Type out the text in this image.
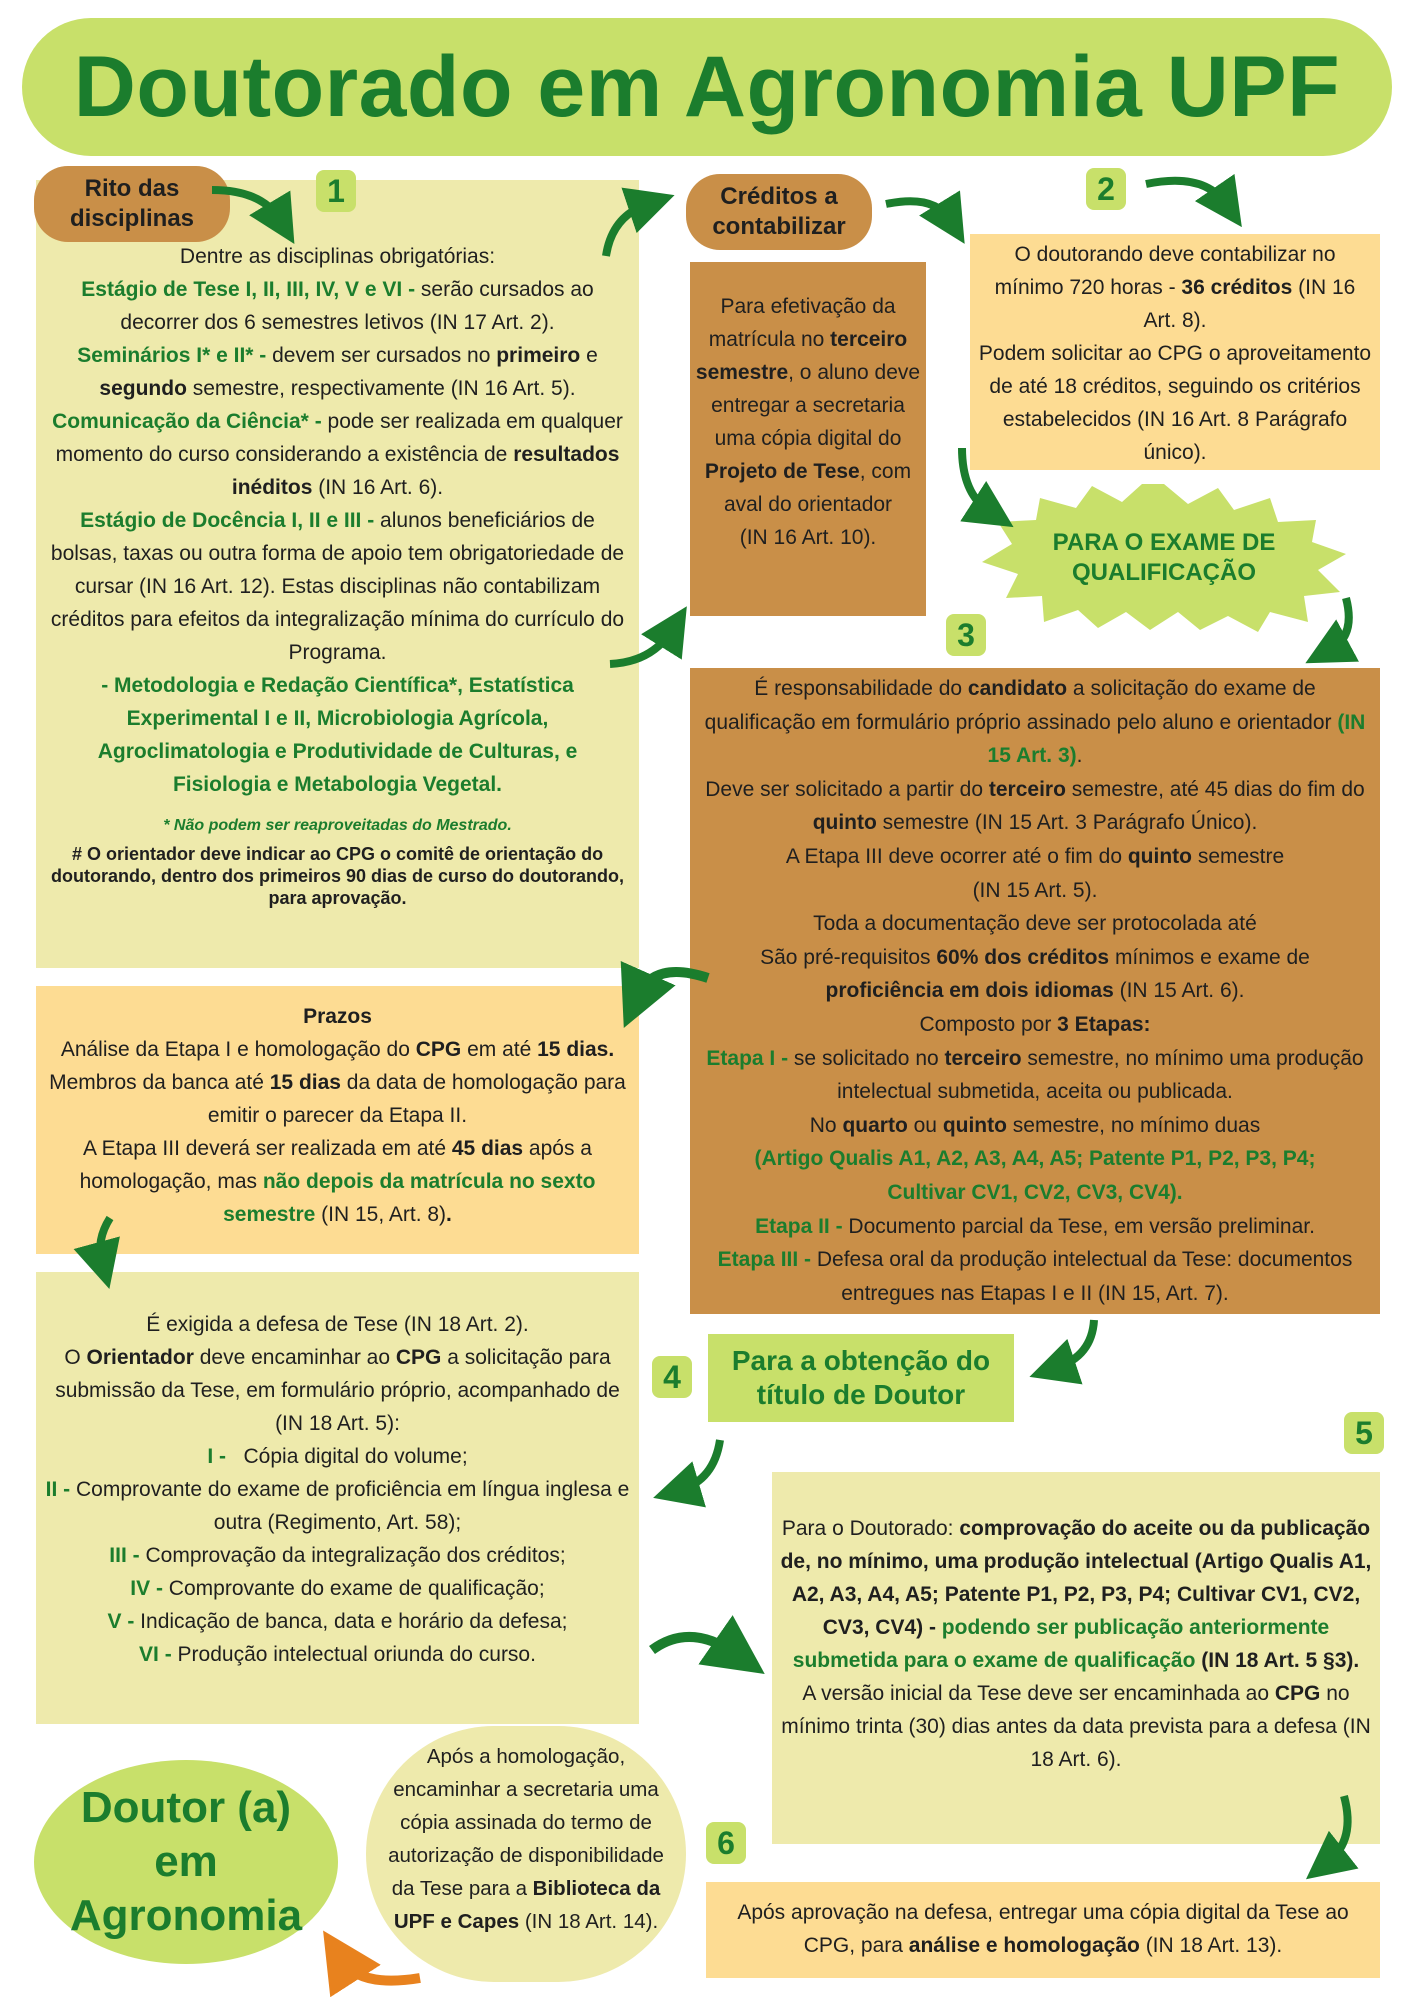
Doutorado em Agronomia UPF

Dentre as disciplinas obrigatórias:

Estágio de Tese I, II, III, IV, V e VI - serão cursados ao decorrer dos 6 semestres letivos (IN 17 Art. 2).

Seminários I* e II* - devem ser cursados no primeiro e segundo semestre, respectivamente (IN 16 Art. 5).

Comunicação da Ciência* - pode ser realizada em qualquer momento do curso considerando a existência de resultados inéditos (IN 16 Art. 6).

Estágio de Docência I, II e III - alunos beneficiários de bolsas, taxas ou outra forma de apoio tem obrigatoriedade de cursar (IN 16 Art. 12). Estas disciplinas não contabilizam créditos para efeitos da integralização mínima do currículo do Programa.

- Metodologia e Redação Científica*, Estatística Experimental I e II, Microbiologia Agrícola, Agroclimatologia e Produtividade de Culturas, e Fisiologia e Metabologia Vegetal.

* Não podem ser reaproveitadas do Mestrado.

# O orientador deve indicar ao CPG o comitê de orientação do doutorando, dentro dos primeiros 90 dias de curso do doutorando, para aprovação.

Rito das
disciplinas
1	Créditos a
contabilizar
2

O doutorando deve contabilizar no mínimo 720 horas - 36 créditos (IN 16 Art. 8).

Podem solicitar ao CPG o aproveitamento de até 18 créditos, seguindo os critérios estabelecidos (IN 16 Art. 8 Parágrafo único).

Para efetivação da matrícula no terceiro semestre, o aluno deve entregar a secretaria uma cópia digital do Projeto de Tese, com aval do orientador

(IN 16 Art. 10).	PARA O EXAME DE
QUALIFICAÇÃO
3

É responsabilidade do candidato a solicitação do exame de qualificação em formulário próprio assinado pelo aluno e orientador (IN 15 Art. 3).

Deve ser solicitado a partir do terceiro semestre, até 45 dias do fim do quinto semestre (IN 15 Art. 3 Parágrafo Único).

A Etapa III deve ocorrer até o fim do quinto semestre

(IN 15 Art. 5).

Toda a documentação deve ser protocolada até

São pré-requisitos 60% dos créditos mínimos e exame de proficiência em dois idiomas (IN 15 Art. 6).

Composto por 3 Etapas:

Etapa I - se solicitado no terceiro semestre, no mínimo uma produção intelectual submetida, aceita ou publicada.

No quarto ou quinto semestre, no mínimo duas

(Artigo Qualis A1, A2, A3, A4, A5; Patente P1, P2, P3, P4; Cultivar CV1, CV2, CV3, CV4).

Etapa II - Documento parcial da Tese, em versão preliminar.

Etapa III - Defesa oral da produção intelectual da Tese: documentos entregues nas Etapas I e II (IN 15, Art. 7).

Prazos

Análise da Etapa I e homologação do CPG em até 15 dias. Membros da banca até 15 dias da data de homologação para emitir o parecer da Etapa II.

A Etapa III deverá ser realizada em até 45 dias após a homologação, mas não depois da matrícula no sexto semestre (IN 15, Art. 8).

Para a obtenção do
título de Doutor
4
5

É exigida a defesa de Tese (IN 18 Art. 2).

O Orientador deve encaminhar ao CPG a solicitação para submissão da Tese, em formulário próprio, acompanhado de (IN 18 Art. 5):

I -   Cópia digital do volume;

II - Comprovante do exame de proficiência em língua inglesa e outra (Regimento, Art. 58);

III - Comprovação da integralização dos créditos;

IV - Comprovante do exame de qualificação;

V - Indicação de banca, data e horário da defesa;

VI - Produção intelectual oriunda do curso.

Para o Doutorado: comprovação do aceite ou da publicação de, no mínimo, uma produção intelectual (Artigo Qualis A1, A2, A3, A4, A5; Patente P1, P2, P3, P4; Cultivar CV1, CV2, CV3, CV4) - podendo ser publicação anteriormente submetida para o exame de qualificação (IN 18 Art. 5 §3).

A versão inicial da Tese deve ser encaminhada ao CPG no mínimo trinta (30) dias antes da data prevista para a defesa (IN 18 Art. 6).

6

Após aprovação na defesa, entregar uma cópia digital da Tese ao CPG, para análise e homologação (IN 18 Art. 13).

Após a homologação, encaminhar a secretaria uma cópia assinada do termo de autorização de disponibilidade da Tese para a Biblioteca da UPF e Capes (IN 18 Art. 14).

Doutor (a)
em
Agronomia
